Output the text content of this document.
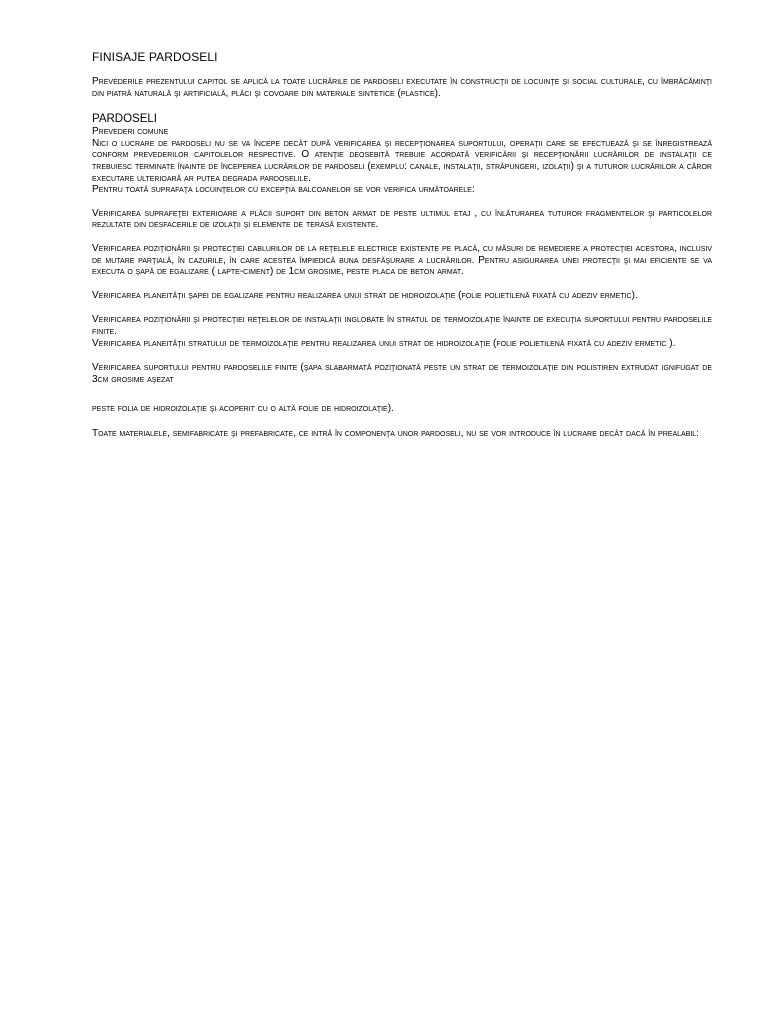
FINISAJE PARDOSELI
Prevederile prezentului capitol se aplică la toate lucrările de pardoseli executate în construcţii de locuinţe şi social culturale, cu îmbrăcăminţi din piatră naturală şi artificială, plăci şi covoare din materiale sintetice (plastice).
PARDOSELI
Prevederi comune
Nici o lucrare de pardoseli nu se va începe decât după verificarea şi recepţionarea suportului, operaţii care se efectuează şi se înregistrează conform prevederilor capitolelor respective. O atenţie deosebită trebuie acordată verificării şi recepţionării lucrărilor de instalaţii ce trebuiesc terminate înainte de începerea lucrărilor de pardoseli (exemplu: canale, instalaţii, străpungeri, izolaţii) şi a tuturor lucrărilor a căror executare ulterioară ar putea degrada pardoselile.
Pentru toată suprafaţa locuinţelor cu excepţia balcoanelor se vor verifica următoarele:
Verificarea suprafeţei exterioare a plăcii suport din beton armat de peste ultimul etaj , cu înlăturarea tuturor fragmentelor şi particolelor rezultate din desfacerile de izolaţii şi elemente de terasă existente.
Verificarea poziţionării şi protecţiei cablurilor de la reţelele electrice existente pe placă, cu măsuri de remediere a protecţiei acestora, inclusiv de mutare parţială, în cazurile, în care acestea împiedică buna desfăşurare a lucrărilor. Pentru asigurarea unei protecţii şi mai eficiente se va executa o şapă de egalizare ( lapte-ciment) de 1cm grosime, peste placa de beton armat.
Verificarea planeităţii şapei de egalizare pentru realizarea unui strat de hidroizolaţie (folie polietilenă fixată cu adeziv ermetic).
Verificarea poziţionării şi protecţiei reţelelor de instalaţii inglobate în stratul de termoizolaţie înainte de execuţia suportului pentru pardoselile finite.
Verificarea planeităţii stratului de termoizolaţie pentru realizarea unui strat de hidroizolaţie (folie polietilenă fixată cu adeziv ermetic ).
Verificarea suportului pentru pardoselile finite (şapa slabarmată poziţionată peste un strat de termoizolaţie din polistiren extrudat ignifugat de 3cm grosime aşezat
peste folia de hidroizolaţie şi acoperit cu o altă folie de hidroizolaţie).
Toate materialele, semifabricate şi prefabricate, ce intră în componenţa unor pardoseli, nu se vor introduce în lucrare decât dacă în prealabil:
